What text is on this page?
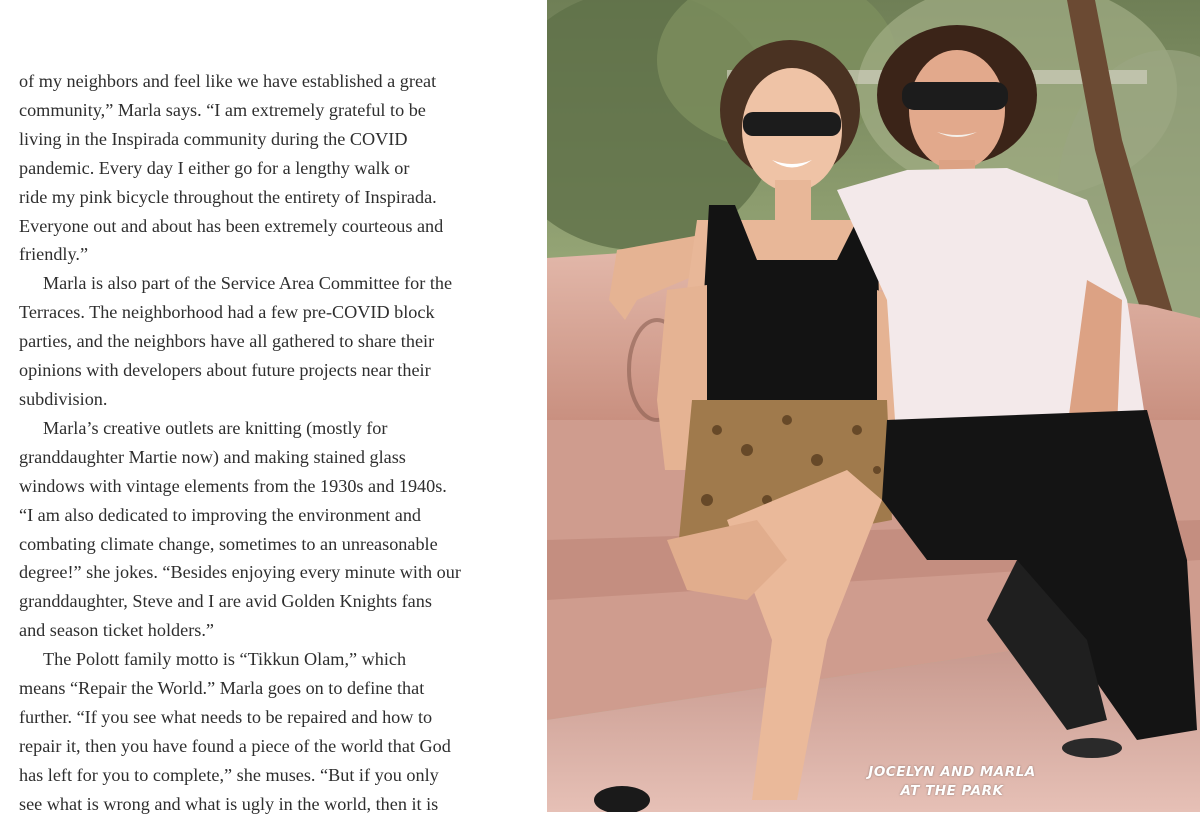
of my neighbors and feel like we have established a great
community,” Marla says. “I am extremely grateful to be
living in the Inspirada community during the COVID
pandemic. Every day I either go for a lengthy walk or
ride my pink bicycle throughout the entirety of Inspirada.
Everyone out and about has been extremely courteous and
friendly.”

Marla is also part of the Service Area Committee for the
Terraces. The neighborhood had a few pre-COVID block
parties, and the neighbors have all gathered to share their
opinions with developers about future projects near their
subdivision.

Marla’s creative outlets are knitting (mostly for
granddaughter Martie now) and making stained glass
windows with vintage elements from the 1930s and 1940s.
“I am also dedicated to improving the environment and
combating climate change, sometimes to an unreasonable
degree!” she jokes. “Besides enjoying every minute with our
granddaughter, Steve and I are avid Golden Knights fans
and season ticket holders.”

The Polott family motto is “Tikkun Olam,” which
means “Repair the World.” Marla goes on to define that
further. “If you see what needs to be repaired and how to
repair it, then you have found a piece of the world that God
has left for you to complete,” she muses. “But if you only
see what is wrong and what is ugly in the world, then it is

JOCELYN AND MARLA
AT THE PARK
